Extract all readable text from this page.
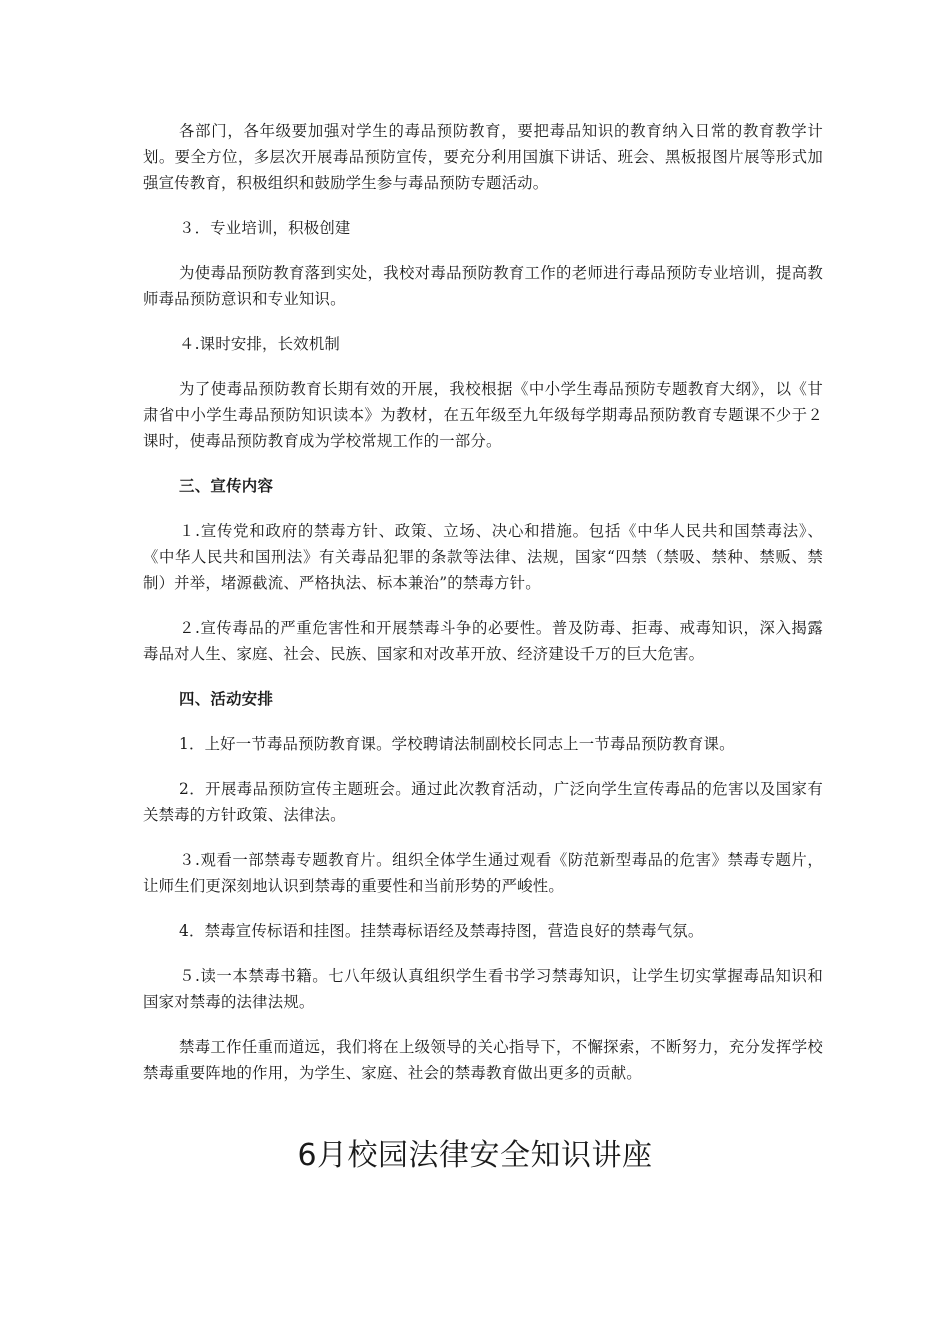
各部门，各年级要加强对学生的毒品预防教育，要把毒品知识的教育纳入日常的教育教学计划。要全方位，多层次开展毒品预防宣传，要充分利用国旗下讲话、班会、黑板报图片展等形式加强宣传教育，积极组织和鼓励学生参与毒品预防专题活动。

３．专业培训，积极创建

为使毒品预防教育落到实处，我校对毒品预防教育工作的老师进行毒品预防专业培训，提高教师毒品预防意识和专业知识。

４.课时安排，长效机制

为了使毒品预防教育长期有效的开展，我校根据《中小学生毒品预防专题教育大纲》，以《甘肃省中小学生毒品预防知识读本》为教材，在五年级至九年级每学期毒品预防教育专题课不少于２课时，使毒品预防教育成为学校常规工作的一部分。

三、宣传内容

１.宣传党和政府的禁毒方针、政策、立场、决心和措施。包括《中华人民共和国禁毒法》、《中华人民共和国刑法》有关毒品犯罪的条款等法律、法规，国家“四禁（禁吸、禁种、禁贩、禁制）并举，堵源截流、严格执法、标本兼治”的禁毒方针。

２.宣传毒品的严重危害性和开展禁毒斗争的必要性。普及防毒、拒毒、戒毒知识，深入揭露毒品对人生、家庭、社会、民族、国家和对改革开放、经济建设千万的巨大危害。

四、活动安排

1．上好一节毒品预防教育课。学校聘请法制副校长同志上一节毒品预防教育课。

2．开展毒品预防宣传主题班会。通过此次教育活动，广泛向学生宣传毒品的危害以及国家有关禁毒的方针政策、法律法。

３.观看一部禁毒专题教育片。组织全体学生通过观看《防范新型毒品的危害》禁毒专题片，让师生们更深刻地认识到禁毒的重要性和当前形势的严峻性。

4．禁毒宣传标语和挂图。挂禁毒标语经及禁毒持图，营造良好的禁毒气氛。

５.读一本禁毒书籍。七八年级认真组织学生看书学习禁毒知识，让学生切实掌握毒品知识和国家对禁毒的法律法规。

禁毒工作任重而道远，我们将在上级领导的关心指导下，不懈探索，不断努力，充分发挥学校禁毒重要阵地的作用，为学生、家庭、社会的禁毒教育做出更多的贡献。

6月校园法律安全知识讲座
